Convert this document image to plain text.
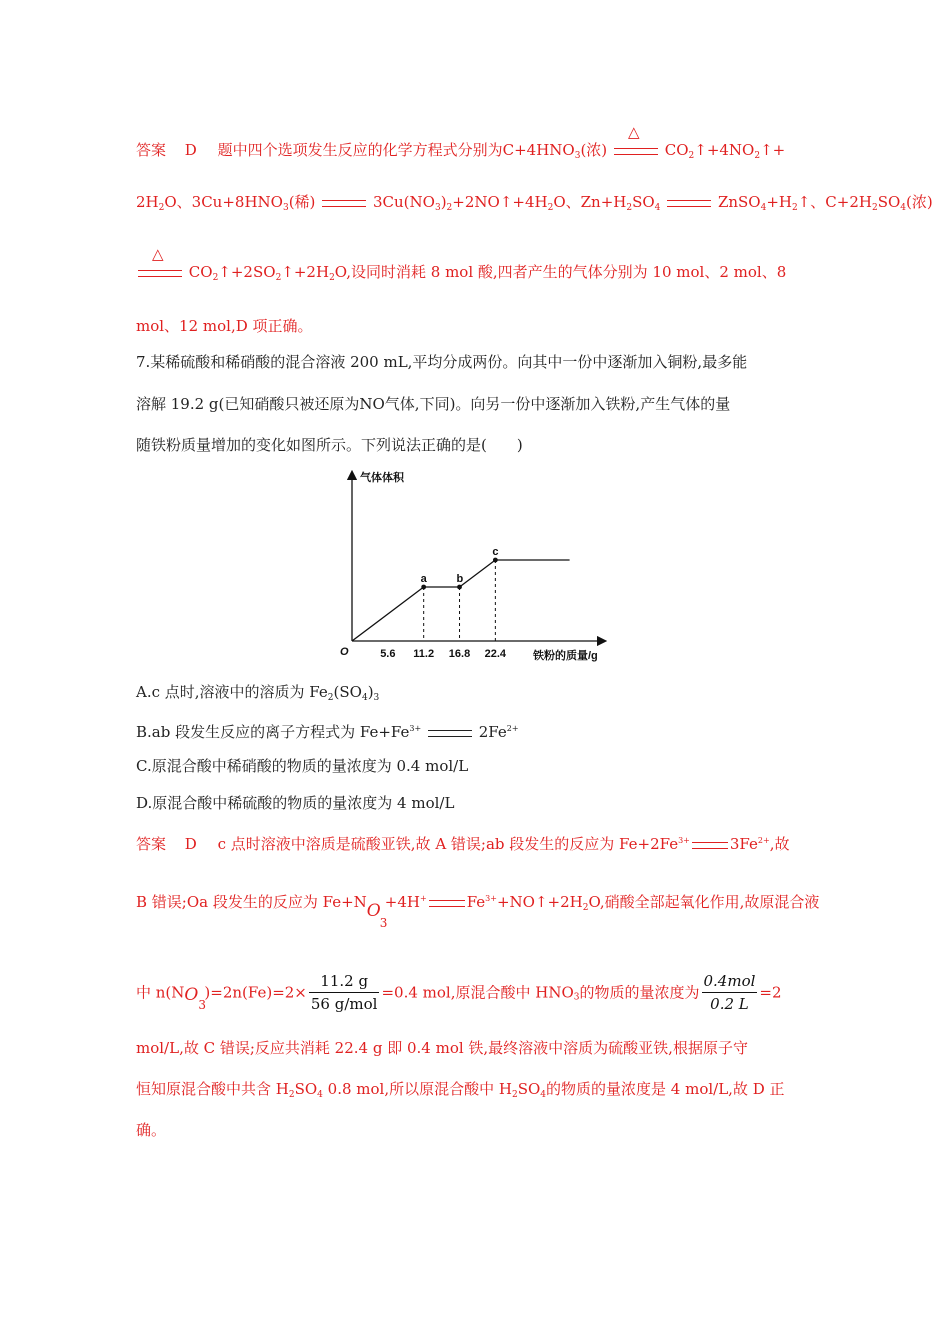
答案 D 题中四个选项发生反应的化学方程式分别为$C+4HNO_3$(浓)
△
$CO_2↑+4NO_2↑+$
$2H_2O$、$3Cu+8HNO_3$(稀)	$3Cu(NO_3)_2+2NO↑+4H_2O$、$Zn+H_2SO_4$	$ZnSO_4+H_2↑$、$C+2H_2SO_4$(浓)
△
$CO_2↑+2SO_2↑+2H_2O$,设同时消耗 8 mol 酸,四者产生的气体分别为 10 mol、2 mol、8
mol、12 mol,D 项正确。
7.某稀硫酸和稀硝酸的混合溶液 200 mL,平均分成两份。向其中一份中逐渐加入铜粉,最多能
溶解 19.2 g(已知硝酸只被还原为NO气体,下同)。向另一份中逐渐加入铁粉,产生气体的量
随铁粉质量增加的变化如图所示。下列说法正确的是(　　)
气体体积
铁粉的质量/g
O
a	b
c
5.6 11.2 16.8 22.4
A.c 点时,溶液中的溶质为 $Fe_2(SO_4)_3$
B.ab 段发生反应的离子方程式为 $Fe+Fe^{3+}$	$2Fe^{2+}$
C.原混合酸中稀硝酸的物质的量浓度为 0.4 mol/L
D.原混合酸中稀硫酸的物质的量浓度为 4 mol/L
答案 D c 点时溶液中溶质是硫酸亚铁,故 A 错误;ab 段发生的反应为 $Fe+2Fe^{3+}$	$3Fe^{2+}$,故
B 错误;Oa 段发生的反应为 Fe+N O
3
+4H+	$Fe^{3+}+NO↑+2H_2O$,硝酸全部起氧化作用,故原混合液
中 n(N O 3
)$=2n(Fe)=2\times \frac{11.2 g}{\text{56 g/mol}} =0.4$ mol,原混合酸中 $HNO_3$的物质的量浓度为 $\frac{\text{0.4mol}}{0.2 L} =2$
mol/L,故 C 错误;反应共消耗 22.4 g 即 0.4 mol 铁,最终溶液中溶质为硫酸亚铁,根据原子守
恒知原混合酸中共含 $H_2SO_4$ 0.8 mol,所以原混合酸中 $H_2SO_4$的物质的量浓度是 4 mol/L,故 D 正
确。
